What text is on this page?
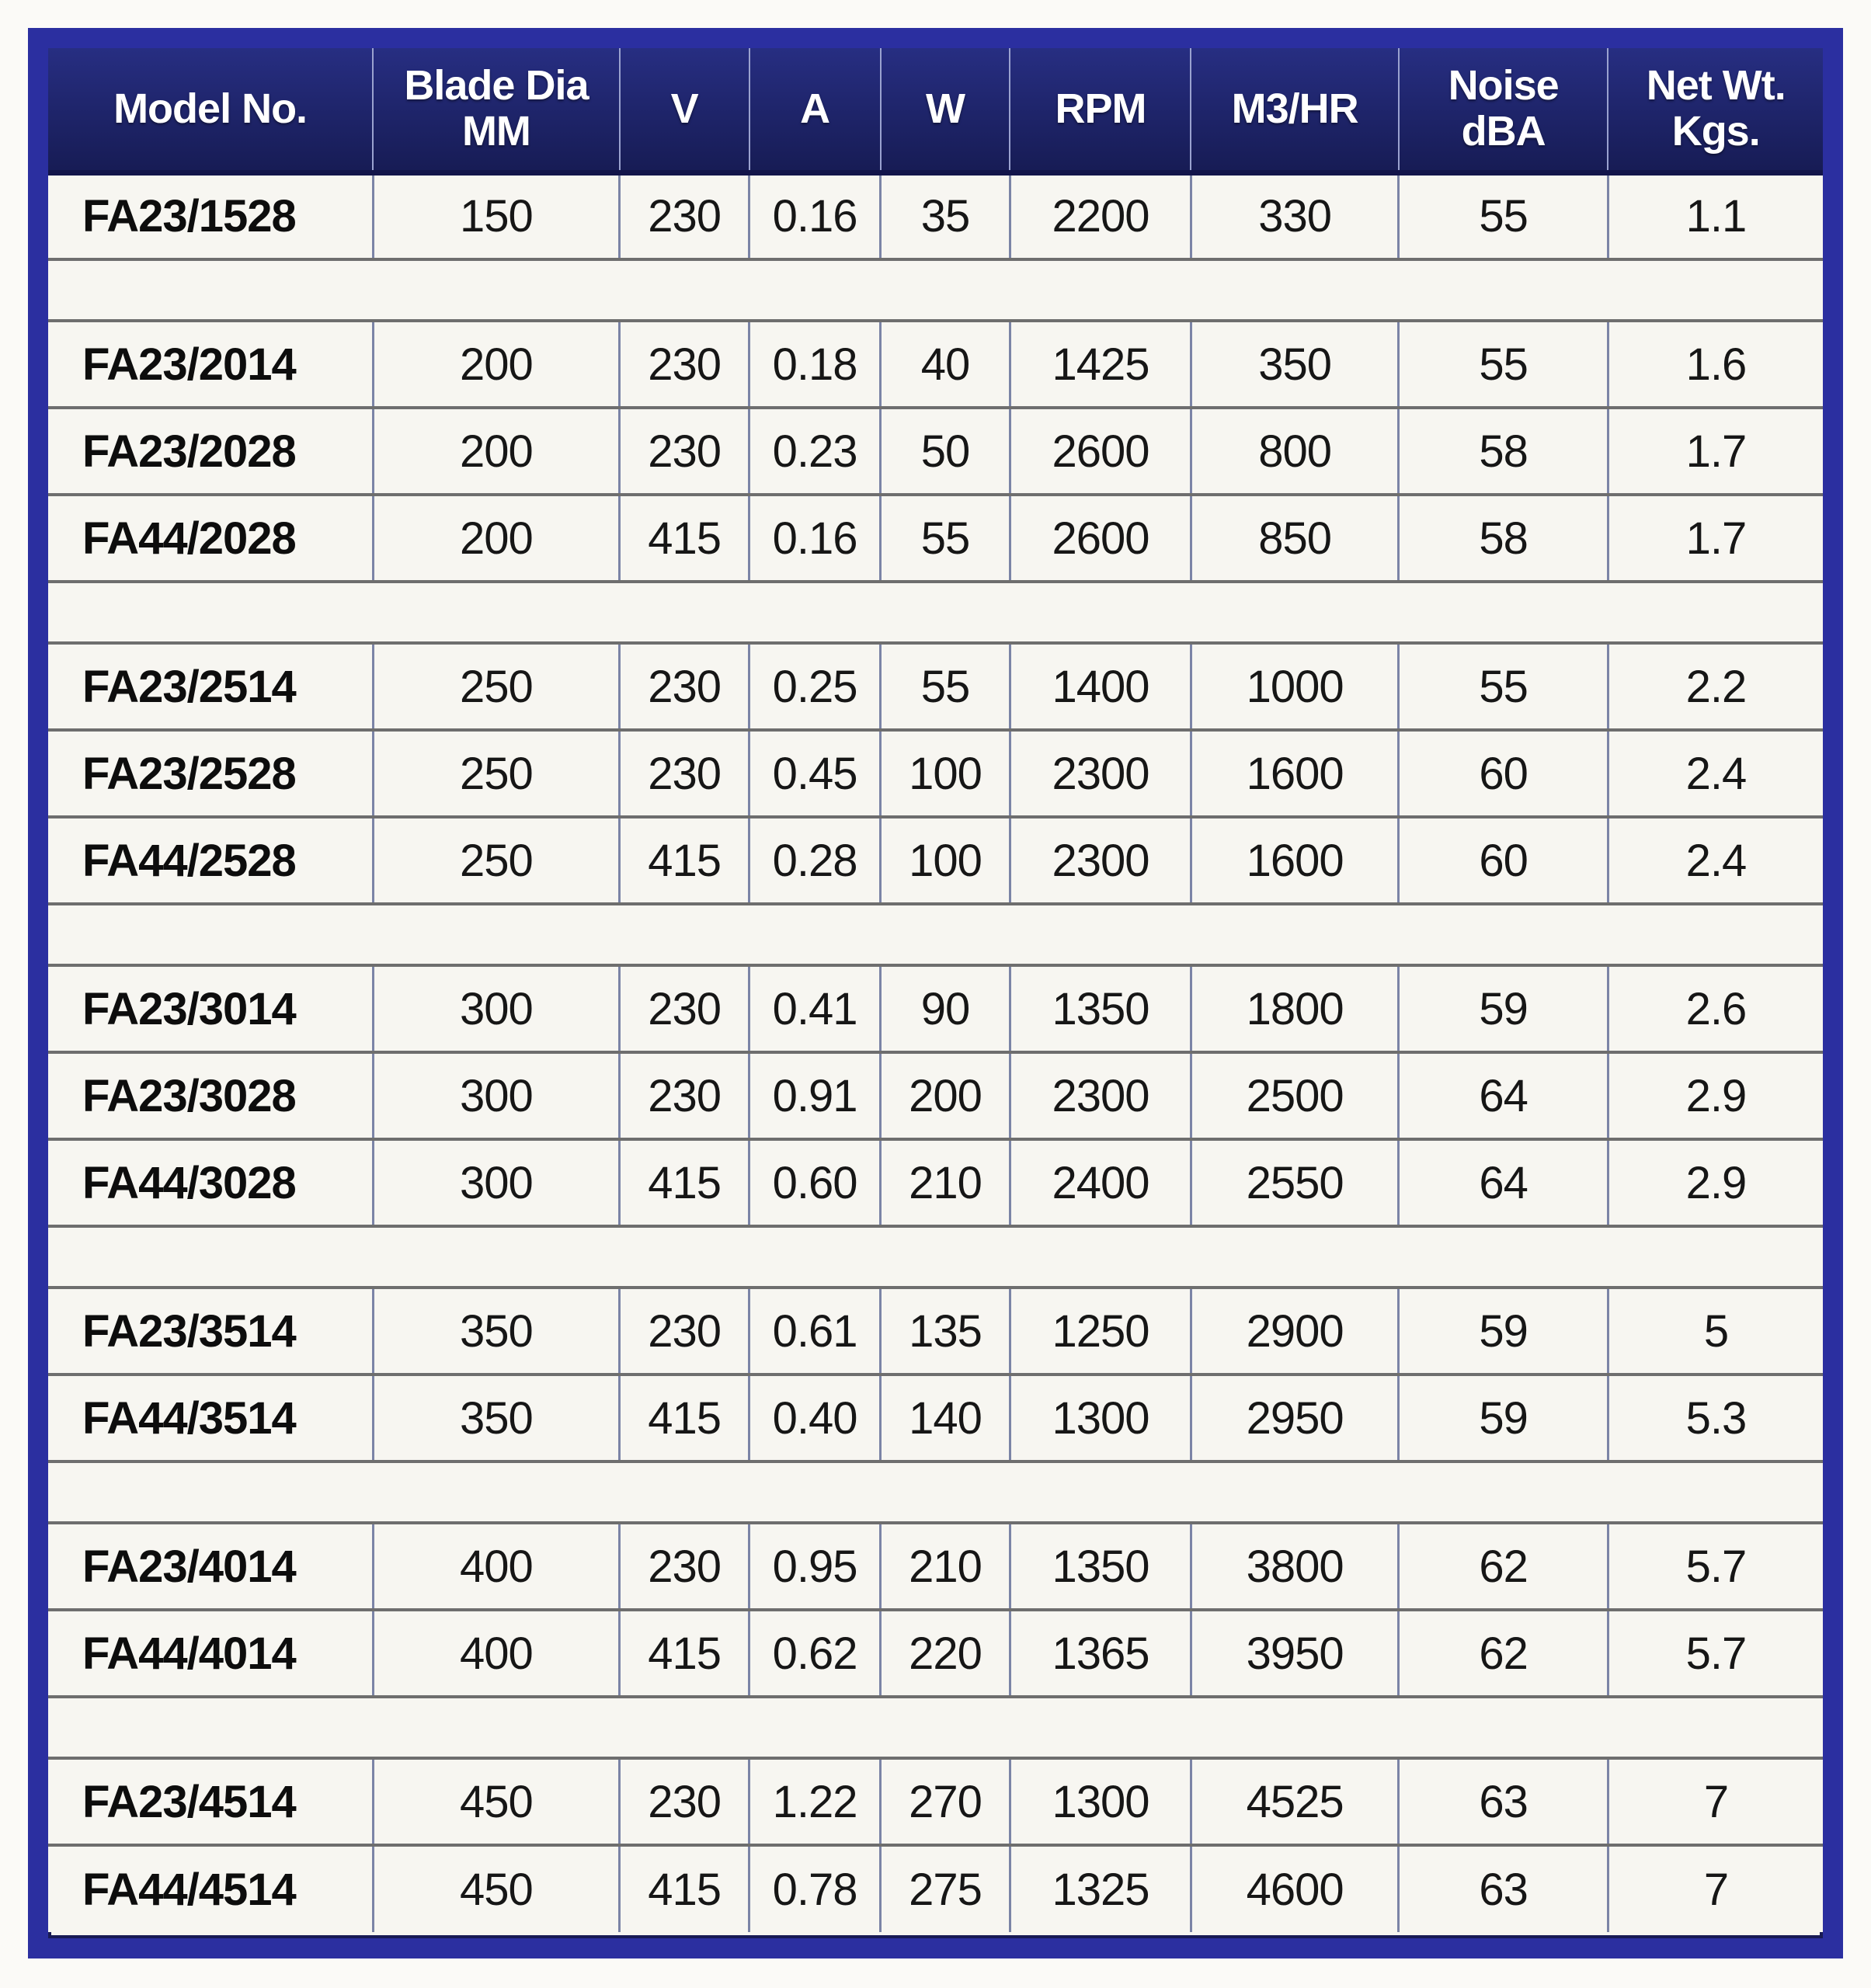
Model No.	Blade Dia MM	V	A	W	RPM	M3/HR	Noise dBA	Net Wt. Kgs.
FA23/1528	150	230	0.16	35	2200	330	55	1.1

FA23/2014	200	230	0.18	40	1425	350	55	1.6
FA23/2028	200	230	0.23	50	2600	800	58	1.7
FA44/2028	200	415	0.16	55	2600	850	58	1.7

FA23/2514	250	230	0.25	55	1400	1000	55	2.2
FA23/2528	250	230	0.45	100	2300	1600	60	2.4
FA44/2528	250	415	0.28	100	2300	1600	60	2.4

FA23/3014	300	230	0.41	90	1350	1800	59	2.6
FA23/3028	300	230	0.91	200	2300	2500	64	2.9
FA44/3028	300	415	0.60	210	2400	2550	64	2.9

FA23/3514	350	230	0.61	135	1250	2900	59	5
FA44/3514	350	415	0.40	140	1300	2950	59	5.3

FA23/4014	400	230	0.95	210	1350	3800	62	5.7
FA44/4014	400	415	0.62	220	1365	3950	62	5.7

FA23/4514	450	230	1.22	270	1300	4525	63	7
FA44/4514	450	415	0.78	275	1325	4600	63	7
